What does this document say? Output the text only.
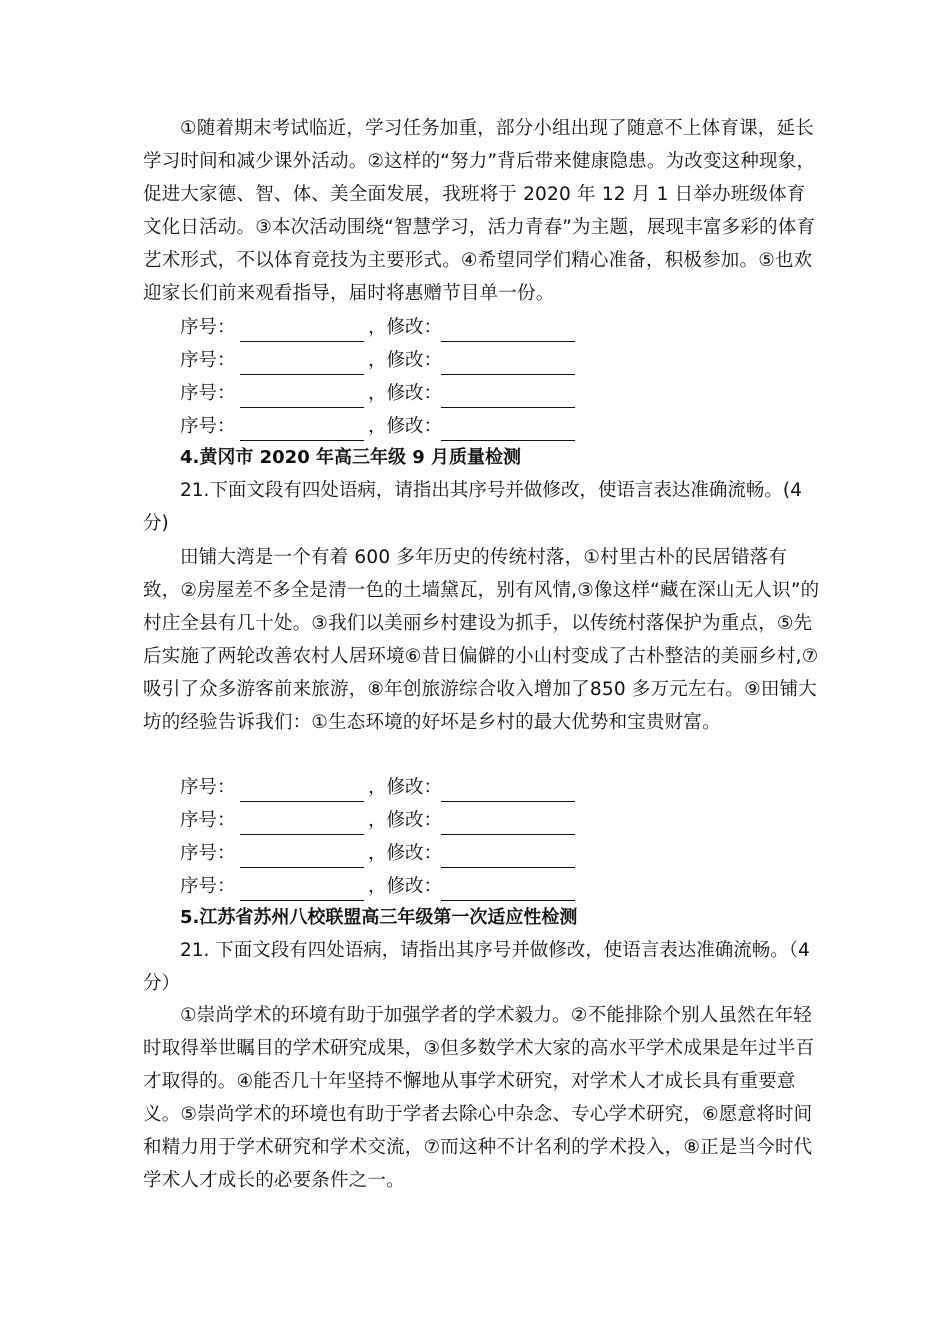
①随着期末考试临近，学习任务加重，部分小组出现了随意不上体育课，延长学习时间和减少课外活动。②这样的“努力”背后带来健康隐患。为改变这种现象，促进大家德、智、体、美全面发展，我班将于 2020 年 12 月 1 日举办班级体育文化日活动。③本次活动围绕“智慧学习，活力青春”为主题，展现丰富多彩的体育艺术形式，不以体育竞技为主要形式。④希望同学们精心准备，积极参加。⑤也欢迎家长们前来观看指导，届时将惠赠节目单一份。

序号：	，修改：
序号：	，修改：
序号：	，修改：
序号：	，修改：

4.黄冈市 2020 年高三年级 9 月质量检测

21.下面文段有四处语病，请指出其序号并做修改，使语言表达准确流畅。(4 分)

田铺大湾是一个有着 600 多年历史的传统村落，①村里古朴的民居错落有致，②房屋差不多全是清一色的土墙黛瓦，别有风情,③像这样“藏在深山无人识”的村庄全县有几十处。③我们以美丽乡村建设为抓手，以传统村落保护为重点，⑤先后实施了两轮改善农村人居环境⑥昔日偏僻的小山村变成了古朴整洁的美丽乡村,⑦吸引了众多游客前来旅游，⑧年创旅游综合收入增加了850 多万元左右。⑨田铺大坊的经验告诉我们：①生态环境的好坏是乡村的最大优势和宝贵财富。

序号：	，修改：
序号：	，修改：
序号：	，修改：
序号：	，修改：

5.江苏省苏州八校联盟高三年级第一次适应性检测

21. 下面文段有四处语病，请指出其序号并做修改，使语言表达准确流畅。（4 分）

①崇尚学术的环境有助于加强学者的学术毅力。②不能排除个别人虽然在年轻时取得举世瞩目的学术研究成果，③但多数学术大家的高水平学术成果是年过半百才取得的。④能否几十年坚持不懈地从事学术研究，对学术人才成长具有重要意义。⑤崇尚学术的环境也有助于学者去除心中杂念、专心学术研究，⑥愿意将时间和精力用于学术研究和学术交流，⑦而这种不计名利的学术投入，⑧正是当今时代学术人才成长的必要条件之一。
